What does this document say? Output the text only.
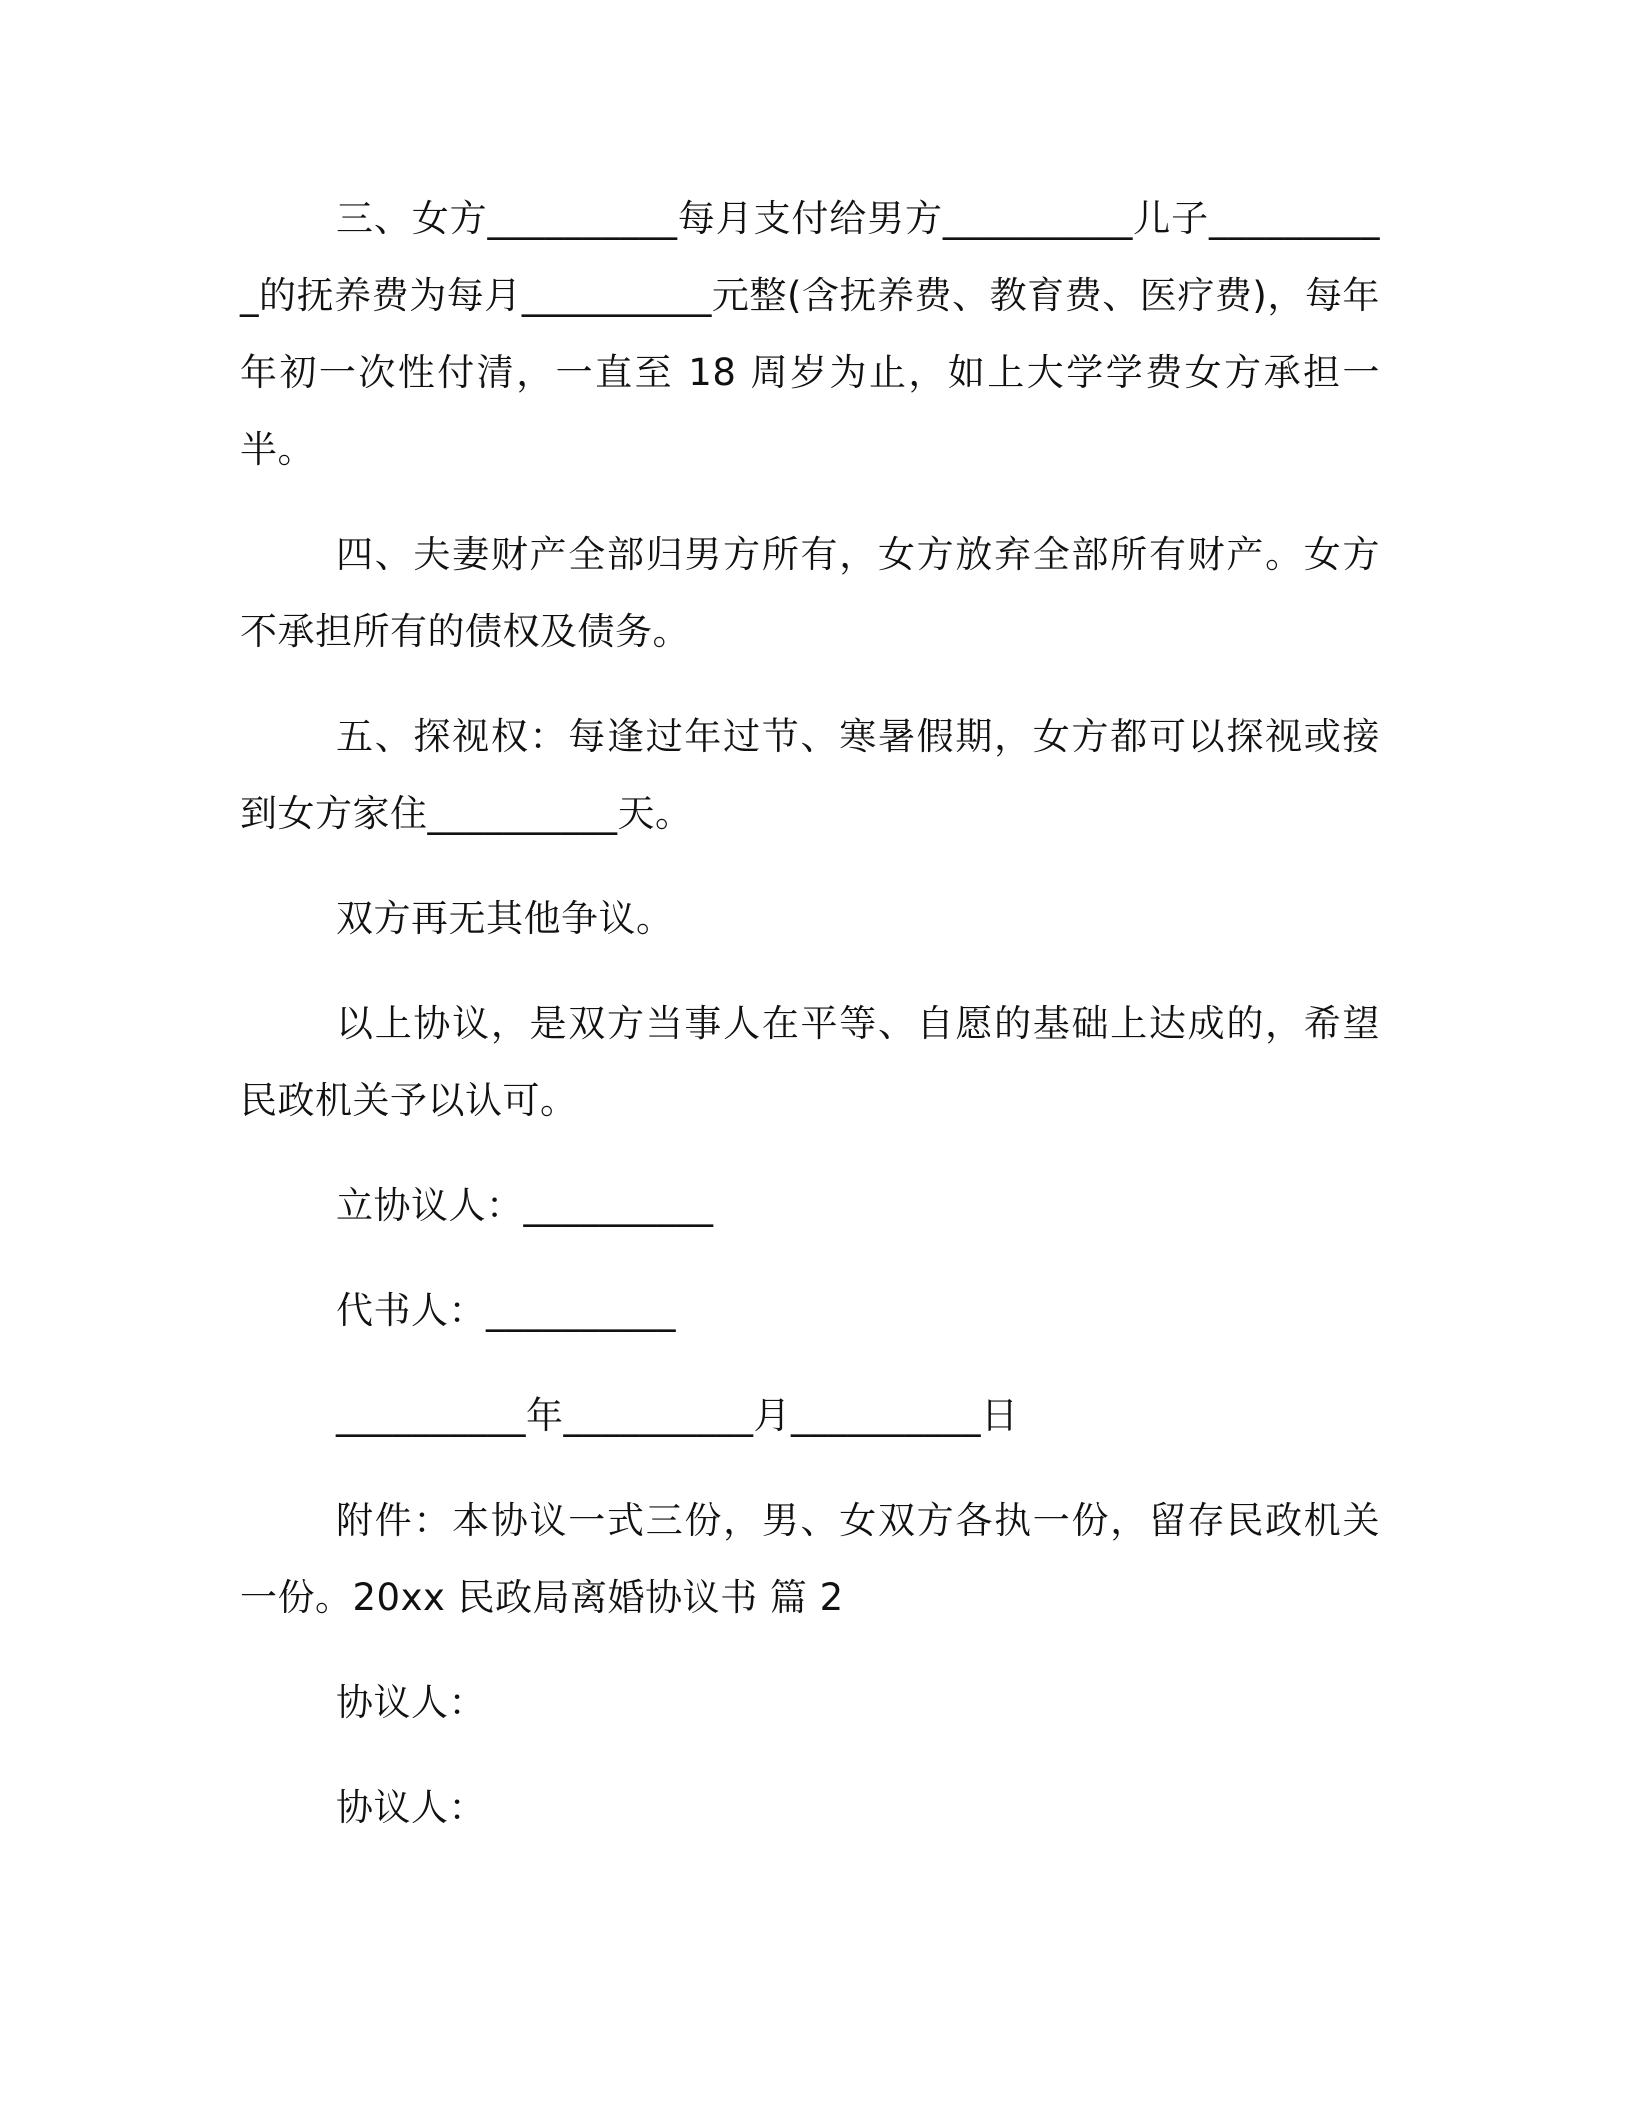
三、女方__________每月支付给男方__________儿子__________的抚养费为每月__________元整(含抚养费、教育费、医疗费)，每年年初一次性付清，一直至 18 周岁为止，如上大学学费女方承担一半。

四、夫妻财产全部归男方所有，女方放弃全部所有财产。女方不承担所有的债权及债务。

五、探视权：每逢过年过节、寒暑假期，女方都可以探视或接到女方家住__________天。

双方再无其他争议。

以上协议，是双方当事人在平等、自愿的基础上达成的，希望民政机关予以认可。

立协议人：__________

代书人：__________

__________年__________月__________日

附件：本协议一式三份，男、女双方各执一份，留存民政机关一份。20xx 民政局离婚协议书 篇 2

协议人：

协议人：
